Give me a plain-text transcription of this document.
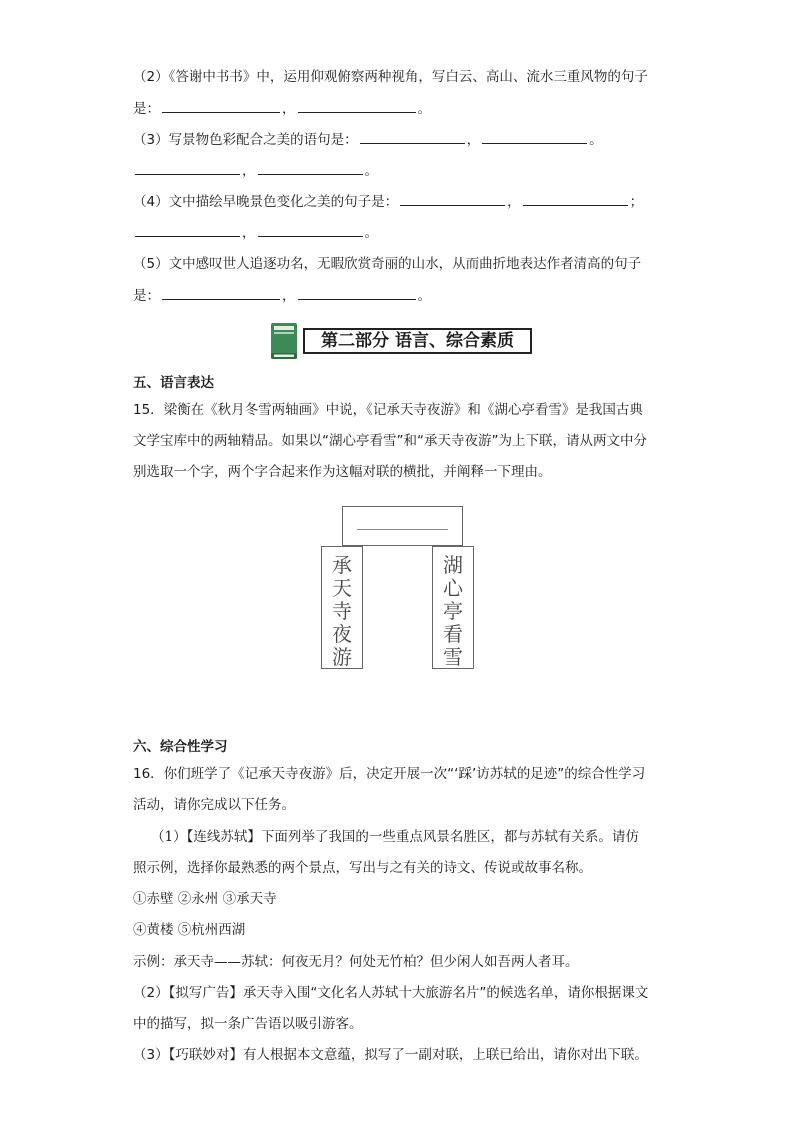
（2）《答谢中书书》中，运用仰观俯察两种视角，写白云、高山、流水三重风物的句子
是：	，	。
（3）写景物色彩配合之美的语句是：	，	。
，	。
（4）文中描绘早晚景色变化之美的句子是：	，	；
，	。
（5）文中感叹世人追逐功名，无暇欣赏奇丽的山水，从而曲折地表达作者清高的句子
是：	，	。
第二部分 语言、综合素质
五、语言表达
15．梁衡在《秋月冬雪两轴画》中说，《记承天寺夜游》和《湖心亭看雪》是我国古典
文学宝库中的两轴精品。如果以“湖心亭看雪”和“承天寺夜游”为上下联，请从两文中分
别选取一个字，两个字合起来作为这幅对联的横批，并阐释一下理由。
承
天
寺
夜
游
湖
心
亭
看
雪
六、综合性学习
16．你们班学了《记承天寺夜游》后，决定开展一次“‘踩’访苏轼的足迹”的综合性学习
活动，请你完成以下任务。
（1）【连线苏轼】下面列举了我国的一些重点风景名胜区，都与苏轼有关系。请仿
照示例，选择你最熟悉的两个景点，写出与之有关的诗文、传说或故事名称。
①赤壁 ②永州 ③承天寺
④黄楼 ⑤杭州西湖
示例：承天寺——苏轼：何夜无月？何处无竹柏？但少闲人如吾两人者耳。
（2）【拟写广告】承天寺入围“文化名人苏轼十大旅游名片”的候选名单，请你根据课文
中的描写，拟一条广告语以吸引游客。
（3）【巧联妙对】有人根据本文意蕴，拟写了一副对联，上联已给出，请你对出下联。
